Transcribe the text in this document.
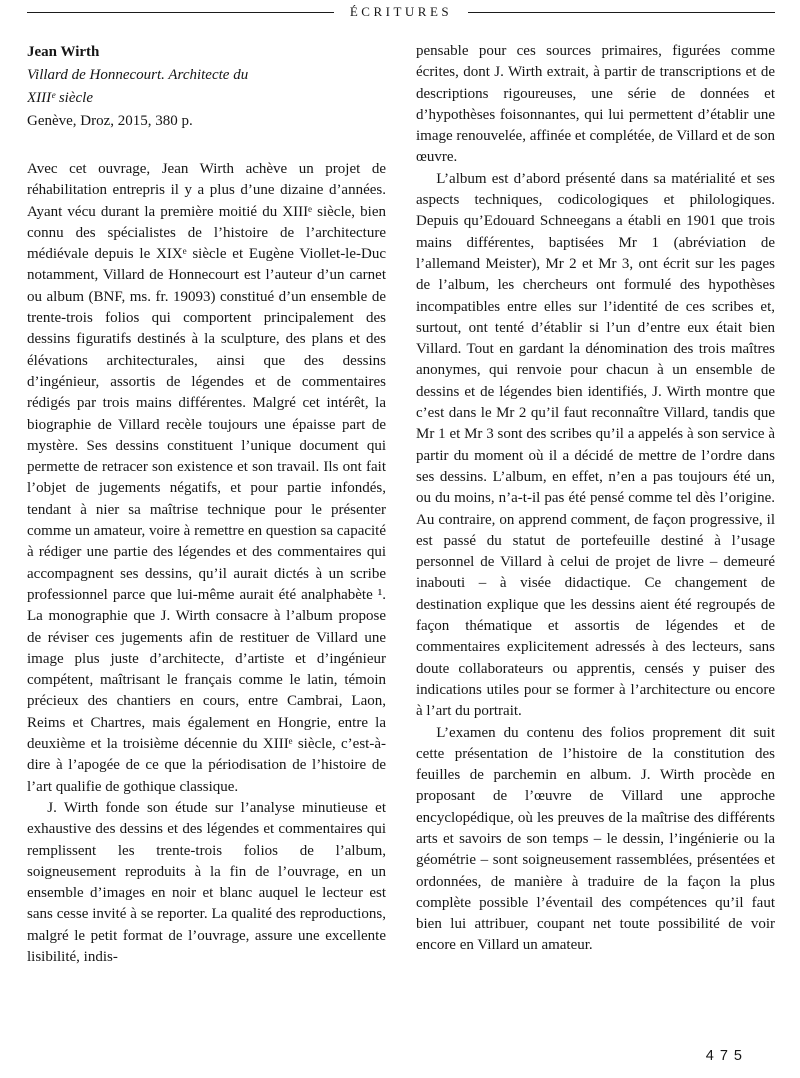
ÉCRITURES

Jean Wirth

Villard de Honnecourt. Architecte du

XIIIᵉ siècle

Genève, Droz, 2015, 380 p.

Avec cet ouvrage, Jean Wirth achève un projet de réhabilitation entrepris il y a plus d’une dizaine d’années. Ayant vécu durant la première moitié du XIIIᵉ siècle, bien connu des spécialistes de l’histoire de l’architecture médiévale depuis le XIXᵉ siècle et Eugène Viollet-le-Duc notamment, Villard de Honnecourt est l’auteur d’un carnet ou album (BNF, ms. fr. 19093) constitué d’un ensemble de trente-trois folios qui comportent principalement des dessins figuratifs destinés à la sculpture, des plans et des élévations architecturales, ainsi que des dessins d’ingénieur, assortis de légendes et de commentaires rédigés par trois mains différentes. Malgré cet intérêt, la biographie de Villard recèle toujours une épaisse part de mystère. Ses dessins constituent l’unique document qui permette de retracer son existence et son travail. Ils ont fait l’objet de jugements négatifs, et pour partie infondés, tendant à nier sa maîtrise technique pour le présenter comme un amateur, voire à remettre en question sa capacité à rédiger une partie des légendes et des commentaires qui accompagnent ses dessins, qu’il aurait dictés à un scribe professionnel parce que lui-même aurait été analphabète ¹. La monographie que J. Wirth consacre à l’album propose de réviser ces jugements afin de restituer de Villard une image plus juste d’architecte, d’artiste et d’ingénieur compétent, maîtrisant le français comme le latin, témoin précieux des chantiers en cours, entre Cambrai, Laon, Reims et Chartres, mais également en Hongrie, entre la deuxième et la troisième décennie du XIIIᵉ siècle, c’est-à-dire à l’apogée de ce que la périodisation de l’histoire de l’art qualifie de gothique classique.

J. Wirth fonde son étude sur l’analyse minutieuse et exhaustive des dessins et des légendes et commentaires qui remplissent les trente-trois folios de l’album, soigneusement reproduits à la fin de l’ouvrage, en un ensemble d’images en noir et blanc auquel le lecteur est sans cesse invité à se reporter. La qualité des reproductions, malgré le petit format de l’ouvrage, assure une excellente lisibilité, indis-

pensable pour ces sources primaires, figurées comme écrites, dont J. Wirth extrait, à partir de transcriptions et de descriptions rigoureuses, une série de données et d’hypothèses foisonnantes, qui lui permettent d’établir une image renouvelée, affinée et complétée, de Villard et de son œuvre.

L’album est d’abord présenté dans sa matérialité et ses aspects techniques, codicologiques et philologiques. Depuis qu’Edouard Schneegans a établi en 1901 que trois mains différentes, baptisées Mr 1 (abréviation de l’allemand Meister), Mr 2 et Mr 3, ont écrit sur les pages de l’album, les chercheurs ont formulé des hypothèses incompatibles entre elles sur l’identité de ces scribes et, surtout, ont tenté d’établir si l’un d’entre eux était bien Villard. Tout en gardant la dénomination des trois maîtres anonymes, qui renvoie pour chacun à un ensemble de dessins et de légendes bien identifiés, J. Wirth montre que c’est dans le Mr 2 qu’il faut reconnaître Villard, tandis que Mr 1 et Mr 3 sont des scribes qu’il a appelés à son service à partir du moment où il a décidé de mettre de l’ordre dans ses dessins. L’album, en effet, n’en a pas toujours été un, ou du moins, n’a-t-il pas été pensé comme tel dès l’origine. Au contraire, on apprend comment, de façon progressive, il est passé du statut de portefeuille destiné à l’usage personnel de Villard à celui de projet de livre – demeuré inabouti – à visée didactique. Ce changement de destination explique que les dessins aient été regroupés de façon thématique et assortis de légendes et de commentaires explicitement adressés à des lecteurs, sans doute collaborateurs ou apprentis, censés y puiser des indications utiles pour se former à l’architecture ou encore à l’art du portrait.

L’examen du contenu des folios proprement dit suit cette présentation de l’histoire de la constitution des feuilles de parchemin en album. J. Wirth procède en proposant de l’œuvre de Villard une approche encyclopédique, où les preuves de la maîtrise des différents arts et savoirs de son temps – le dessin, l’ingénierie ou la géométrie – sont soigneusement rassemblées, présentées et ordonnées, de manière à traduire de la façon la plus complète possible l’éventail des compétences qu’il faut bien lui attribuer, coupant net toute possibilité de voir encore en Villard un amateur.

475
